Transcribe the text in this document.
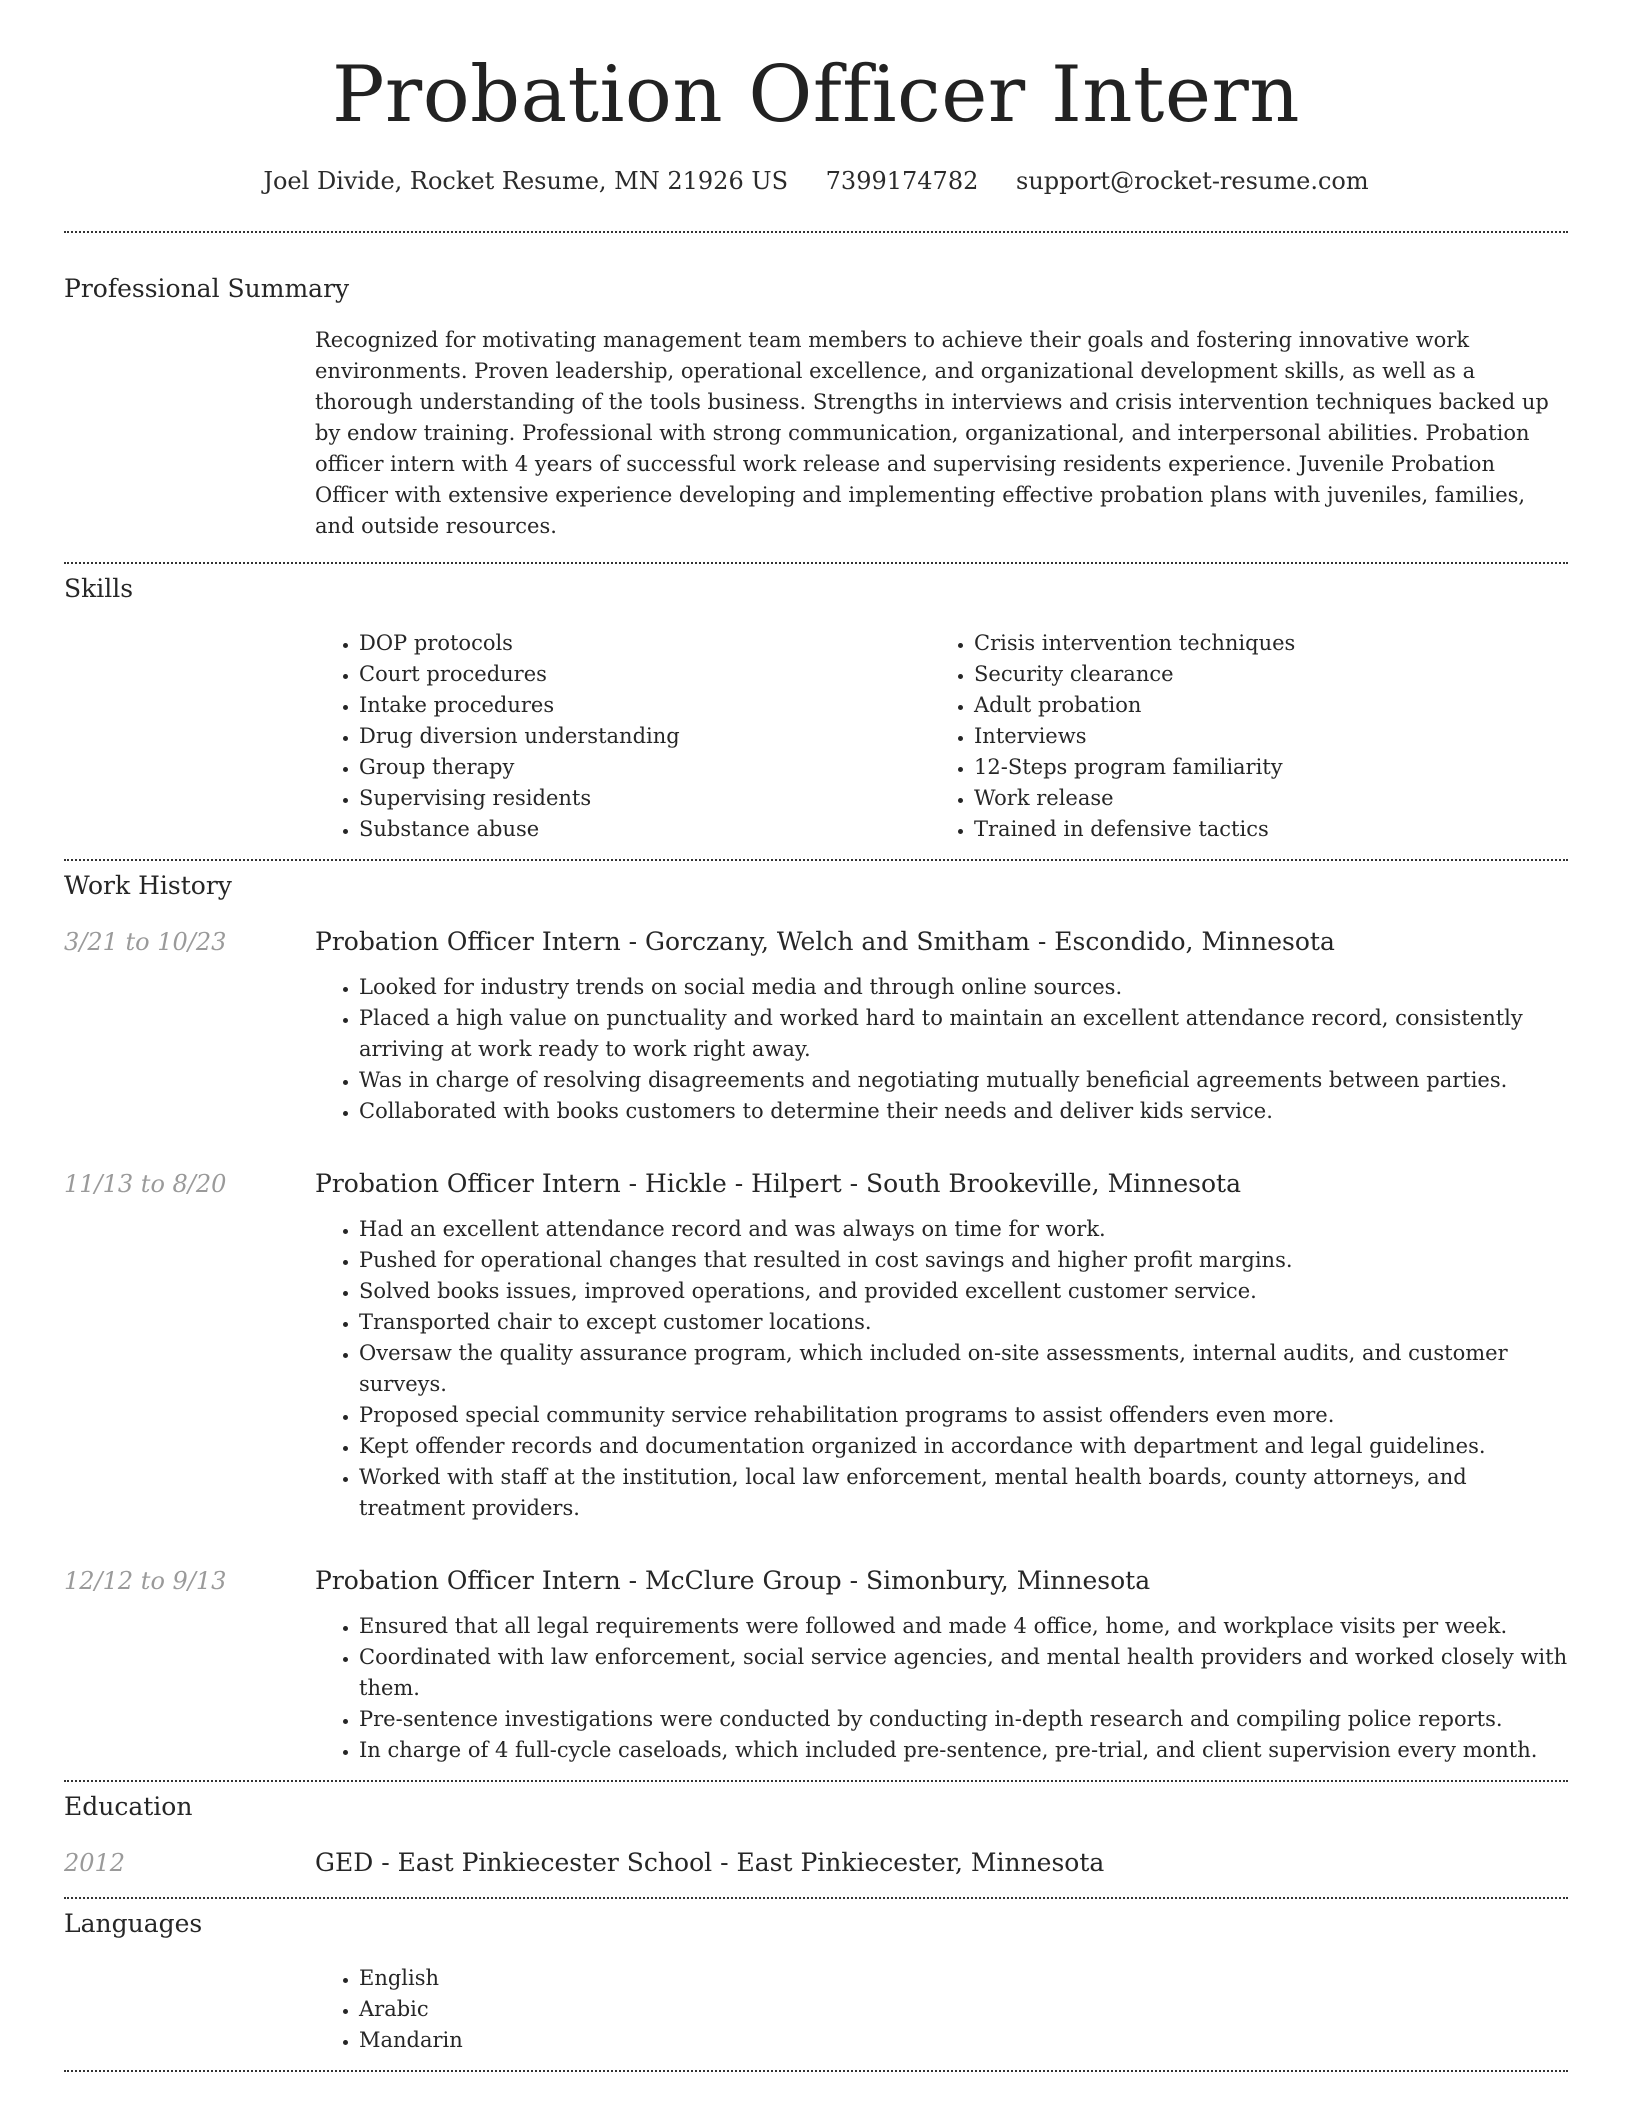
Probation Officer Intern
Joel Divide, Rocket Resume, MN 21926 US 7399174782 support@rocket-resume.com
Professional Summary
Recognized for motivating management team members to achieve their goals and fostering innovative work environments. Proven leadership, operational excellence, and organizational development skills, as well as a thorough understanding of the tools business. Strengths in interviews and crisis intervention techniques backed up by endow training. Professional with strong communication, organizational, and interpersonal abilities. Probation officer intern with 4 years of successful work release and supervising residents experience. Juvenile Probation Officer with extensive experience developing and implementing effective probation plans with juveniles, families, and outside resources.
Skills
• DOP protocols
• Court procedures
• Intake procedures
• Drug diversion understanding
• Group therapy
• Supervising residents
• Substance abuse
• Crisis intervention techniques
• Security clearance
• Adult probation
• Interviews
• 12-Steps program familiarity
• Work release
• Trained in defensive tactics
Work History
3/21 to 10/23	Probation Officer Intern - Gorczany, Welch and Smitham - Escondido, Minnesota
• Looked for industry trends on social media and through online sources.
• Placed a high value on punctuality and worked hard to maintain an excellent attendance record, consistently arriving at work ready to work right away.
• Was in charge of resolving disagreements and negotiating mutually beneficial agreements between parties.
• Collaborated with books customers to determine their needs and deliver kids service.
11/13 to 8/20	Probation Officer Intern - Hickle - Hilpert - South Brookeville, Minnesota
• Had an excellent attendance record and was always on time for work.
• Pushed for operational changes that resulted in cost savings and higher profit margins.
• Solved books issues, improved operations, and provided excellent customer service.
• Transported chair to except customer locations.
• Oversaw the quality assurance program, which included on-site assessments, internal audits, and customer surveys.
• Proposed special community service rehabilitation programs to assist offenders even more.
• Kept offender records and documentation organized in accordance with department and legal guidelines.
• Worked with staff at the institution, local law enforcement, mental health boards, county attorneys, and treatment providers.
12/12 to 9/13	Probation Officer Intern - McClure Group - Simonbury, Minnesota
• Ensured that all legal requirements were followed and made 4 office, home, and workplace visits per week.
• Coordinated with law enforcement, social service agencies, and mental health providers and worked closely with them.
• Pre-sentence investigations were conducted by conducting in-depth research and compiling police reports.
• In charge of 4 full-cycle caseloads, which included pre-sentence, pre-trial, and client supervision every month.
Education
2012	GED - East Pinkiecester School - East Pinkiecester, Minnesota
Languages
• English
• Arabic
• Mandarin
